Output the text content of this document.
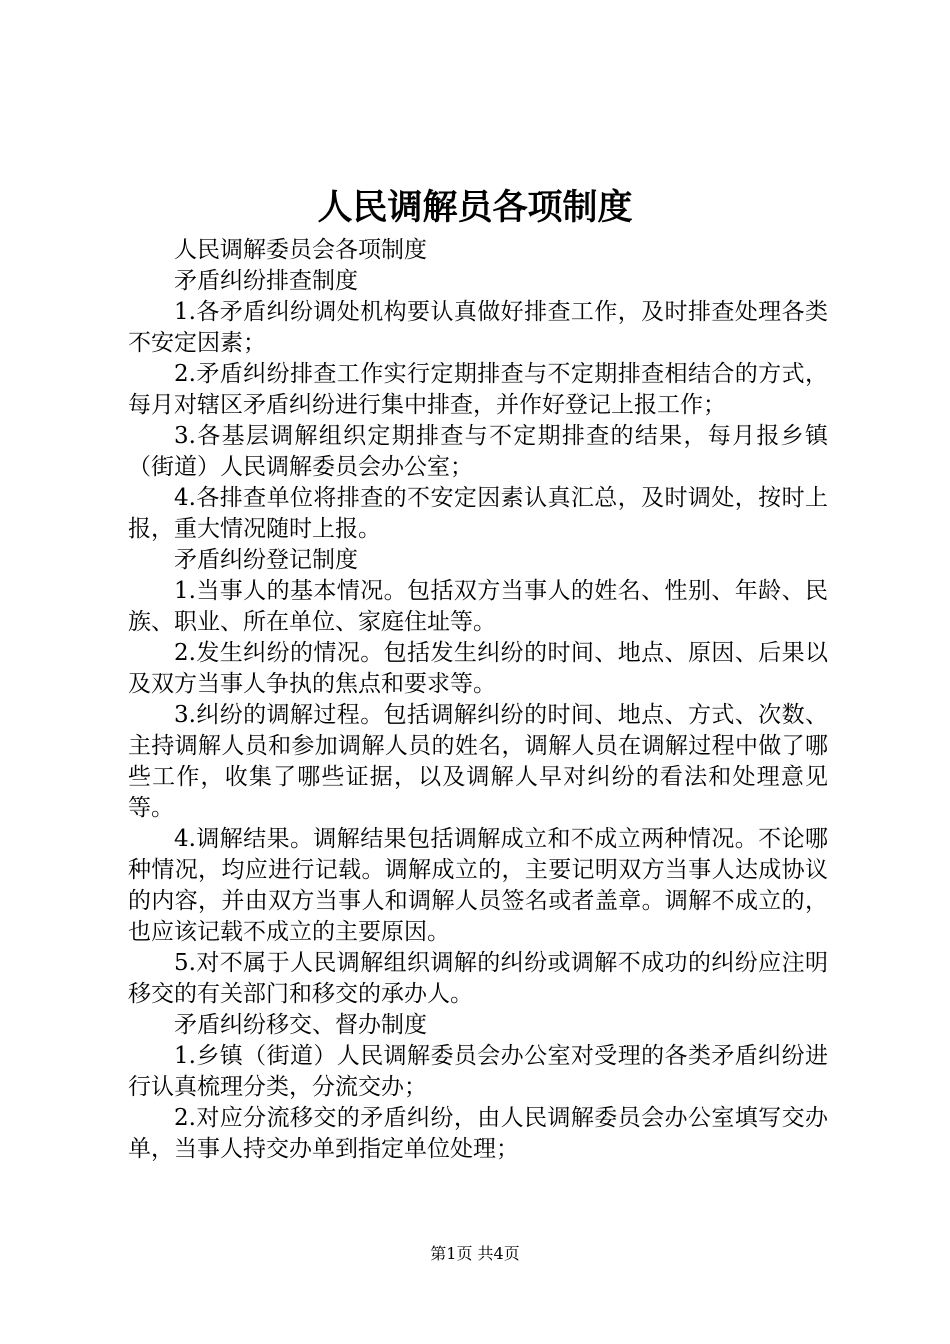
人民调解员各项制度

人民调解委员会各项制度

矛盾纠纷排查制度

1.各矛盾纠纷调处机构要认真做好排查工作，及时排查处理各类不安定因素；

2.矛盾纠纷排查工作实行定期排查与不定期排查相结合的方式，每月对辖区矛盾纠纷进行集中排查，并作好登记上报工作；

3.各基层调解组织定期排查与不定期排查的结果，每月报乡镇（街道）人民调解委员会办公室；

4.各排查单位将排查的不安定因素认真汇总，及时调处，按时上报，重大情况随时上报。

矛盾纠纷登记制度

1.当事人的基本情况。包括双方当事人的姓名、性别、年龄、民族、职业、所在单位、家庭住址等。

2.发生纠纷的情况。包括发生纠纷的时间、地点、原因、后果以及双方当事人争执的焦点和要求等。

3.纠纷的调解过程。包括调解纠纷的时间、地点、方式、次数、主持调解人员和参加调解人员的姓名，调解人员在调解过程中做了哪些工作，收集了哪些证据，以及调解人早对纠纷的看法和处理意见等。

4.调解结果。调解结果包括调解成立和不成立两种情况。不论哪种情况，均应进行记载。调解成立的，主要记明双方当事人达成协议的内容，并由双方当事人和调解人员签名或者盖章。调解不成立的，也应该记载不成立的主要原因。

5.对不属于人民调解组织调解的纠纷或调解不成功的纠纷应注明移交的有关部门和移交的承办人。

矛盾纠纷移交、督办制度

1.乡镇（街道）人民调解委员会办公室对受理的各类矛盾纠纷进行认真梳理分类，分流交办；

2.对应分流移交的矛盾纠纷，由人民调解委员会办公室填写交办单，当事人持交办单到指定单位处理；

第1页 共4页
